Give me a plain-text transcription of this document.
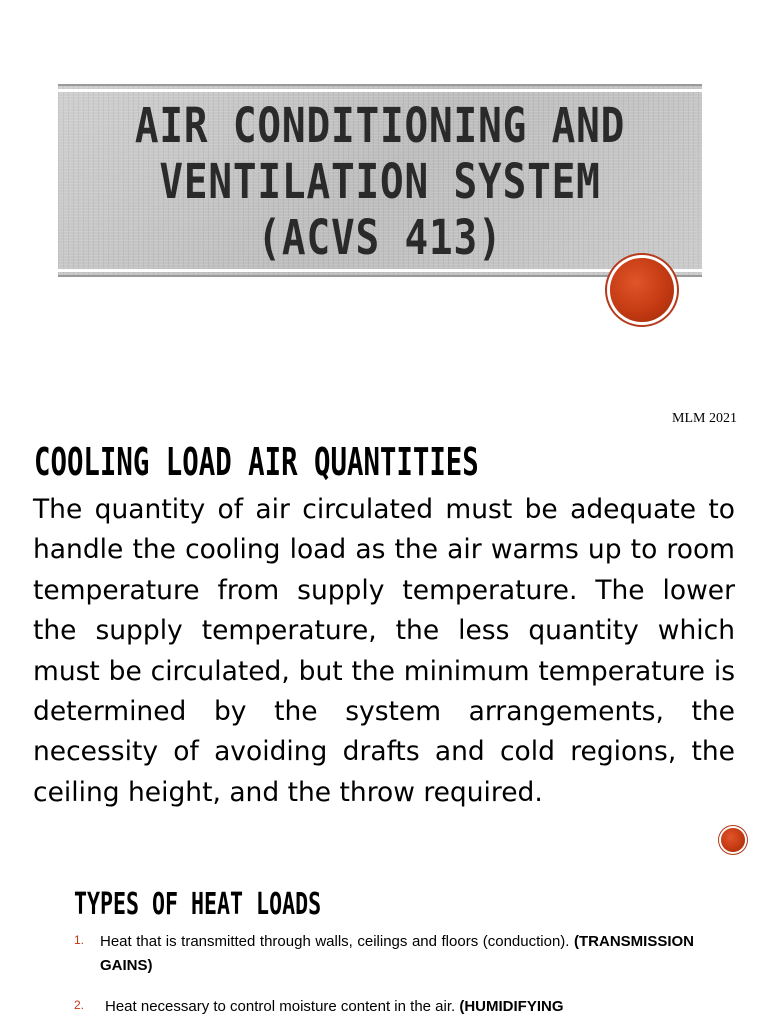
AIR CONDITIONING AND
VENTILATION SYSTEM
(ACVS 413)
MLM 2021
COOLING LOAD AIR QUANTITIES
The quantity of air circulated must be adequate to handle the cooling load as the air warms up to room temperature from supply temperature. The lower the supply temperature, the less quantity which must be circulated, but the minimum temperature is determined by the system arrangements, the necessity of avoiding drafts and cold regions, the ceiling height, and the throw required.
TYPES OF HEAT LOADS
1. Heat that is transmitted through walls, ceilings and floors (conduction). (TRANSMISSION GAINS)
2. Heat necessary to control moisture content in the air. (HUMIDIFYING
